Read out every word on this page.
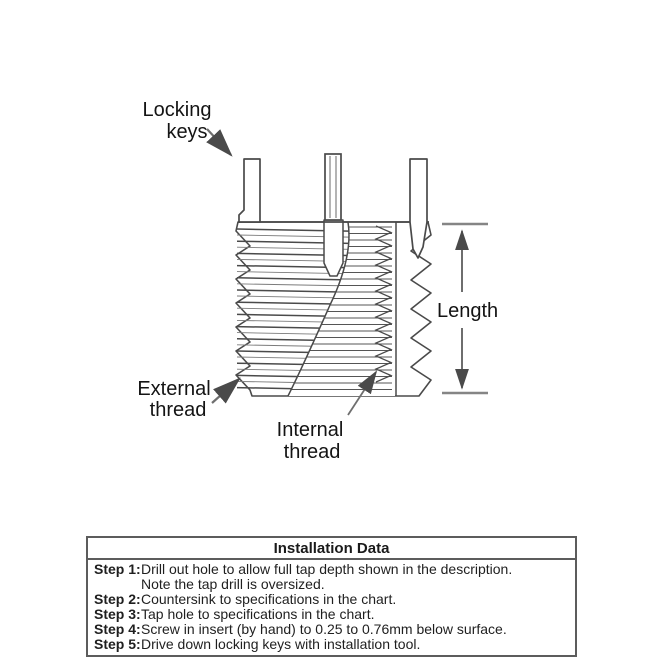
Locking
keys
External
thread
Internal
thread
Length
Installation Data
Step 1: Drill out hole to allow full tap depth shown in the description.
Note the tap drill is oversized.
Step 2: Countersink to specifications in the chart.
Step 3: Tap hole to specifications in the chart.
Step 4: Screw in insert (by hand) to 0.25 to 0.76mm below surface.
Step 5: Drive down locking keys with installation tool.
